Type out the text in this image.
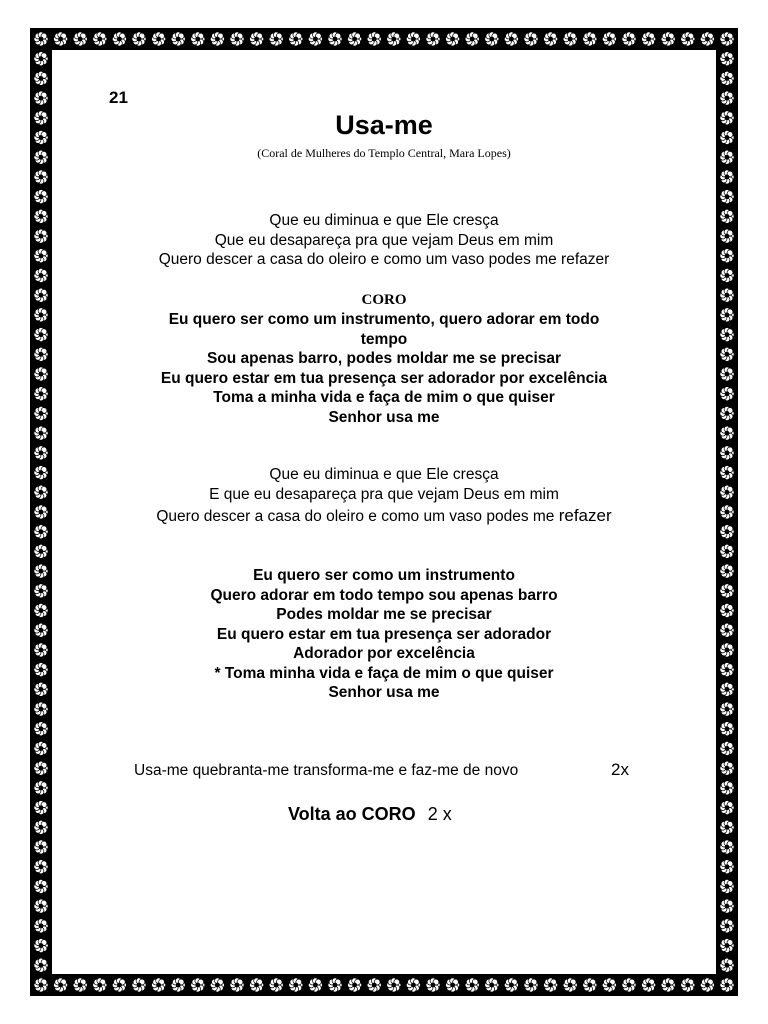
21
Usa-me
(Coral de Mulheres do Templo Central, Mara Lopes)
Que eu diminua e que Ele cresça
Que eu desapareça pra que vejam Deus em mim
Quero descer a casa do oleiro e como um vaso podes me refazer
CORO
Eu quero ser como um instrumento, quero adorar em todo
tempo
Sou apenas barro, podes moldar me se precisar
Eu quero estar em tua presença ser adorador por excelência
Toma a minha vida e faça de mim o que quiser
Senhor usa me
Que eu diminua e que Ele cresça
E que eu desapareça pra que vejam Deus em mim
Quero descer a casa do oleiro e como um vaso podes me refazer
Eu quero ser como um instrumento
Quero adorar em todo tempo sou apenas barro
Podes moldar me se precisar
Eu quero estar em tua presença ser adorador
Adorador por excelência
* Toma minha vida e faça de mim o que quiser
Senhor usa me
Usa-me quebranta-me transforma-me e faz-me de novo	2x
Volta ao CORO 2 x
